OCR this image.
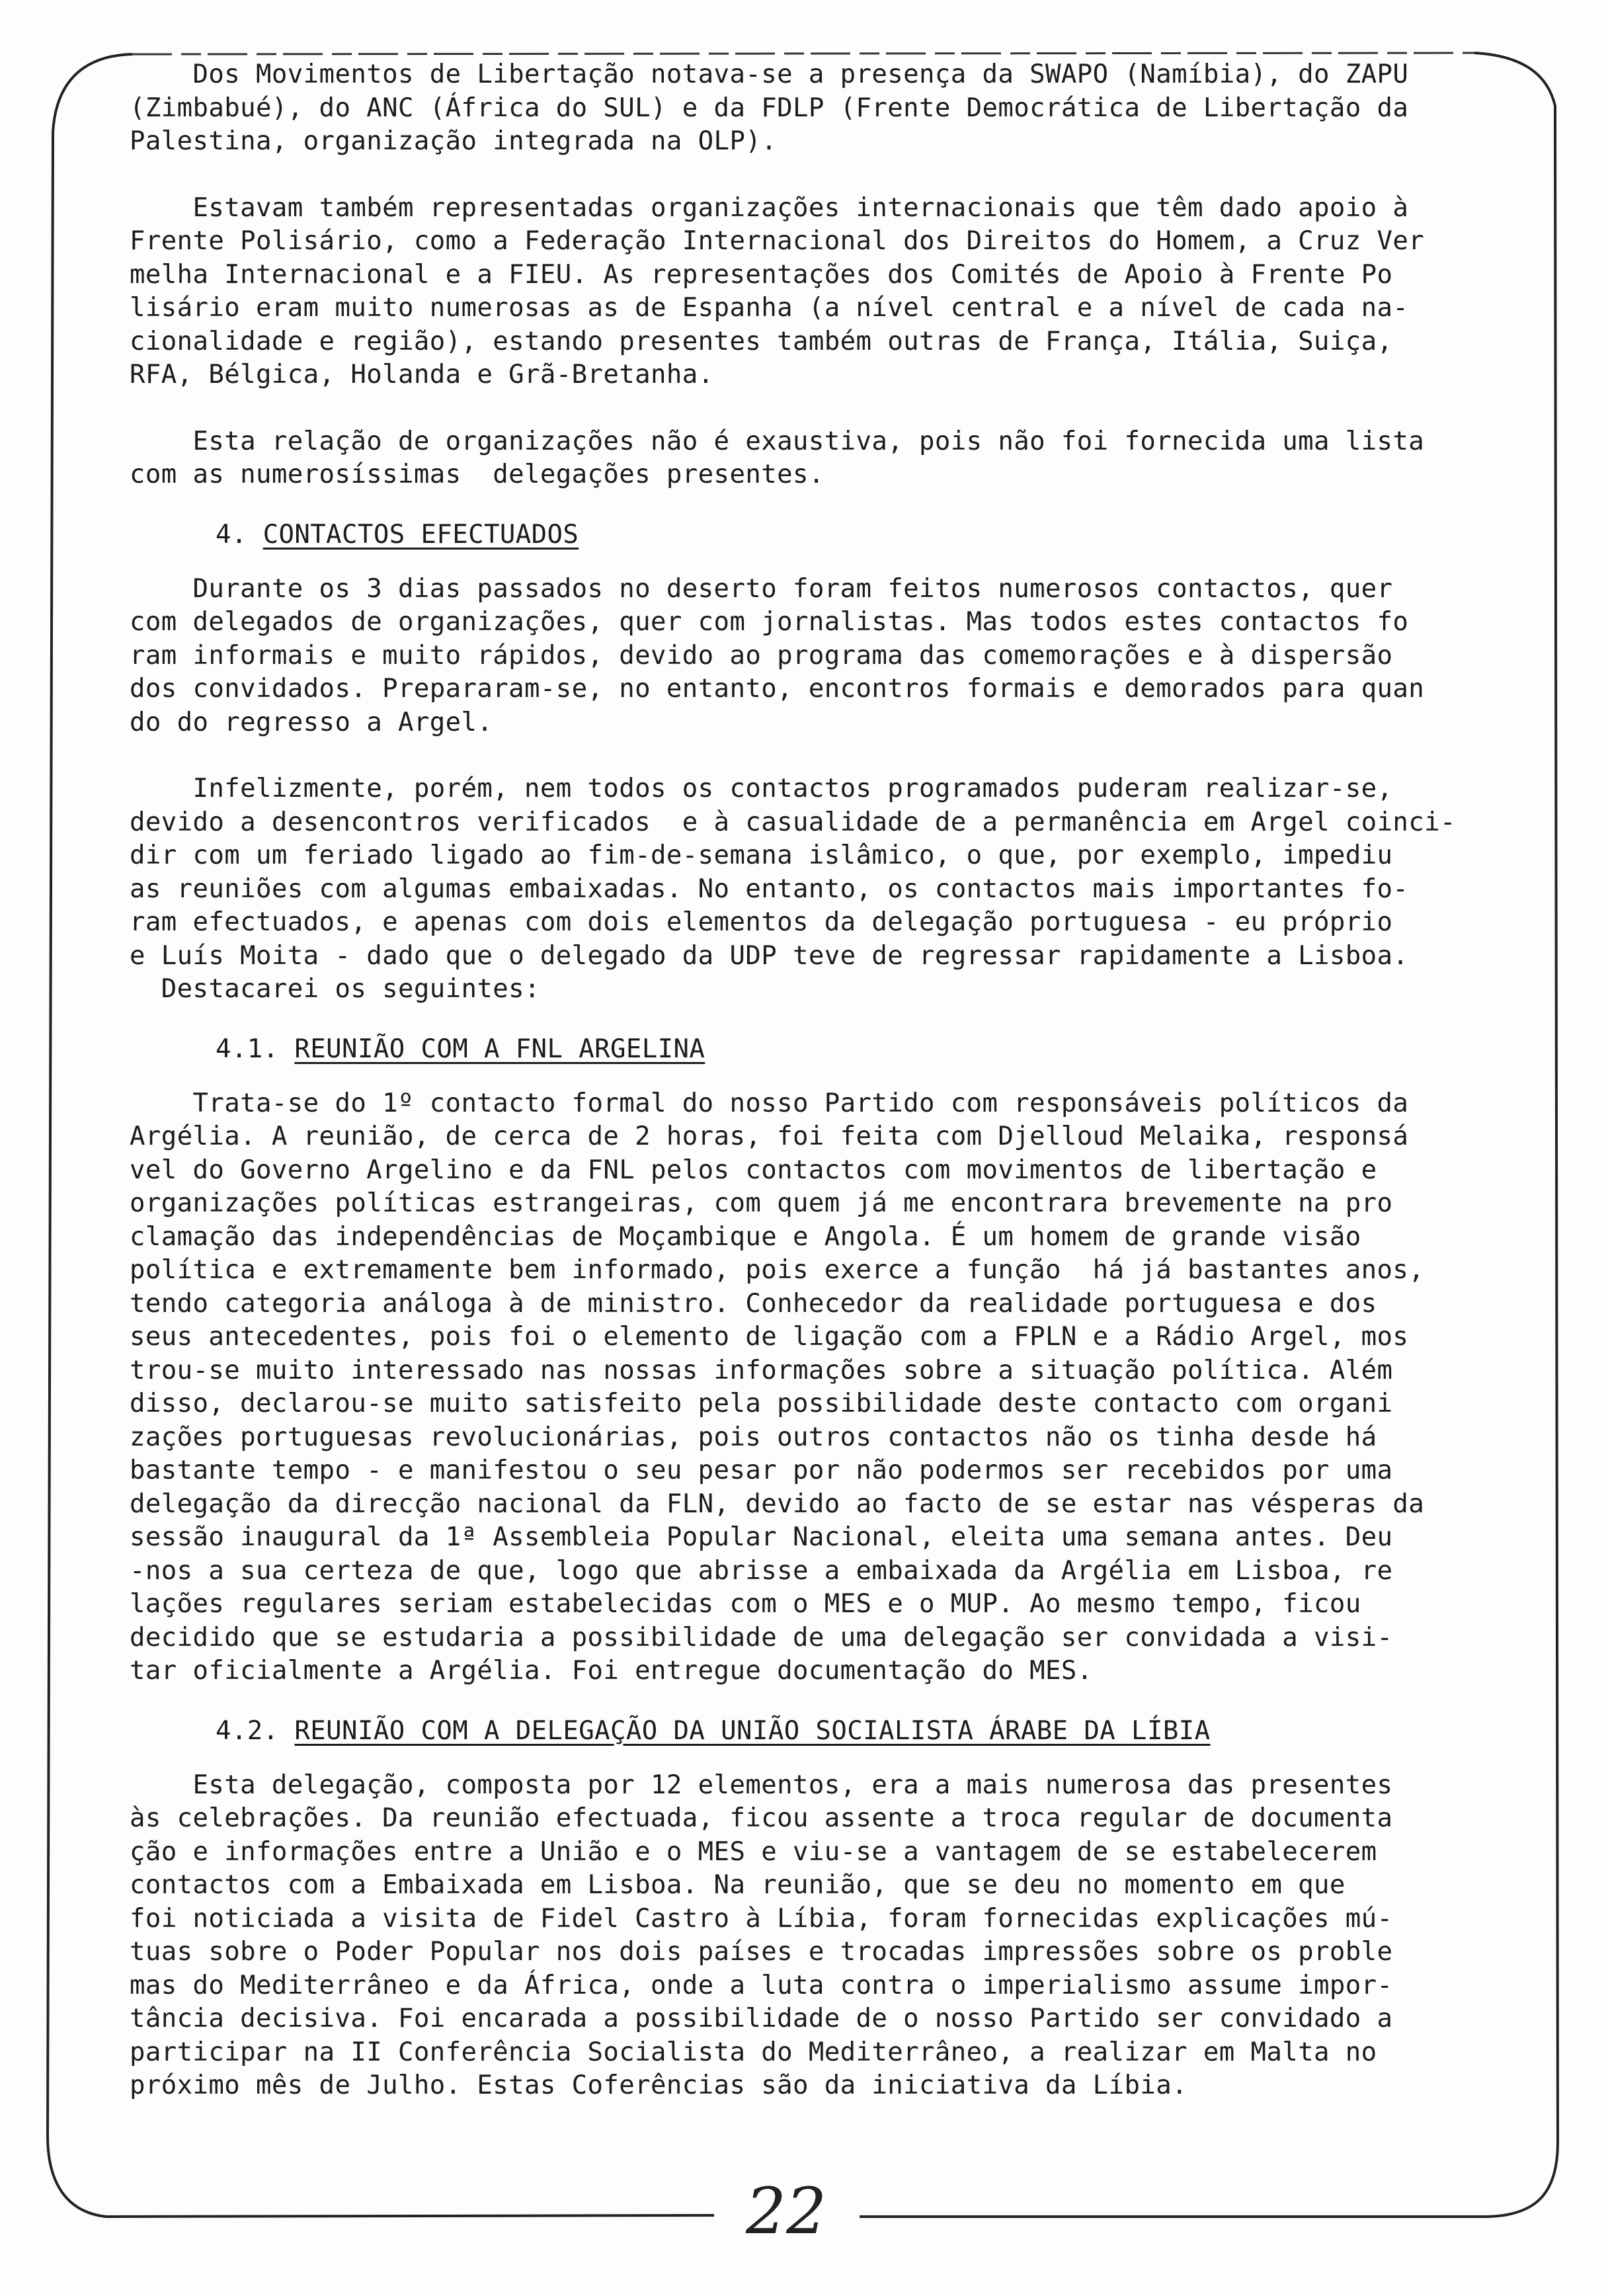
Dos Movimentos de Libertação notava-se a presença da SWAPO (Namíbia), do ZAPU
(Zimbabué), do ANC (África do SUL) e da FDLP (Frente Democrática de Libertação da
Palestina, organização integrada na OLP).
Estavam também representadas organizações internacionais que têm dado apoio à
Frente Polisário, como a Federação Internacional dos Direitos do Homem, a Cruz Ver
melha Internacional e a FIEU. As representações dos Comités de Apoio à Frente Po
lisário eram muito numerosas as de Espanha (a nível central e a nível de cada na-
cionalidade e região), estando presentes também outras de França, Itália, Suiça,
RFA, Bélgica, Holanda e Grã-Bretanha.
Esta relação de organizações não é exaustiva, pois não foi fornecida uma lista
com as numerosíssimas  delegações presentes.
4. CONTACTOS EFECTUADOS
Durante os 3 dias passados no deserto foram feitos numerosos contactos, quer
com delegados de organizações, quer com jornalistas. Mas todos estes contactos fo
ram informais e muito rápidos, devido ao programa das comemorações e à dispersão
dos convidados. Prepararam-se, no entanto, encontros formais e demorados para quan
do do regresso a Argel.
Infelizmente, porém, nem todos os contactos programados puderam realizar-se,
devido a desencontros verificados  e à casualidade de a permanência em Argel coinci-
dir com um feriado ligado ao fim-de-semana islâmico, o que, por exemplo, impediu
as reuniões com algumas embaixadas. No entanto, os contactos mais importantes fo-
ram efectuados, e apenas com dois elementos da delegação portuguesa - eu próprio
e Luís Moita - dado que o delegado da UDP teve de regressar rapidamente a Lisboa.
Destacarei os seguintes:
4.1. REUNIÃO COM A FNL ARGELINA
Trata-se do 1º contacto formal do nosso Partido com responsáveis políticos da
Argélia. A reunião, de cerca de 2 horas, foi feita com Djelloud Melaika, responsá
vel do Governo Argelino e da FNL pelos contactos com movimentos de libertação e
organizações políticas estrangeiras, com quem já me encontrara brevemente na pro
clamação das independências de Moçambique e Angola. É um homem de grande visão
política e extremamente bem informado, pois exerce a função  há já bastantes anos,
tendo categoria análoga à de ministro. Conhecedor da realidade portuguesa e dos
seus antecedentes, pois foi o elemento de ligação com a FPLN e a Rádio Argel, mos
trou-se muito interessado nas nossas informações sobre a situação política. Além
disso, declarou-se muito satisfeito pela possibilidade deste contacto com organi
zações portuguesas revolucionárias, pois outros contactos não os tinha desde há
bastante tempo - e manifestou o seu pesar por não podermos ser recebidos por uma
delegação da direcção nacional da FLN, devido ao facto de se estar nas vésperas da
sessão inaugural da 1ª Assembleia Popular Nacional, eleita uma semana antes. Deu
-nos a sua certeza de que, logo que abrisse a embaixada da Argélia em Lisboa, re
lações regulares seriam estabelecidas com o MES e o MUP. Ao mesmo tempo, ficou
decidido que se estudaria a possibilidade de uma delegação ser convidada a visi-
tar oficialmente a Argélia. Foi entregue documentação do MES.
4.2. REUNIÃO COM A DELEGAÇÃO DA UNIÃO SOCIALISTA ÁRABE DA LÍBIA
Esta delegação, composta por 12 elementos, era a mais numerosa das presentes
às celebrações. Da reunião efectuada, ficou assente a troca regular de documenta
ção e informações entre a União e o MES e viu-se a vantagem de se estabelecerem
contactos com a Embaixada em Lisboa. Na reunião, que se deu no momento em que
foi noticiada a visita de Fidel Castro à Líbia, foram fornecidas explicações mú-
tuas sobre o Poder Popular nos dois países e trocadas impressões sobre os proble
mas do Mediterrâneo e da África, onde a luta contra o imperialismo assume impor-
tância decisiva. Foi encarada a possibilidade de o nosso Partido ser convidado a
participar na II Conferência Socialista do Mediterrâneo, a realizar em Malta no
próximo mês de Julho. Estas Coferências são da iniciativa da Líbia.
22
